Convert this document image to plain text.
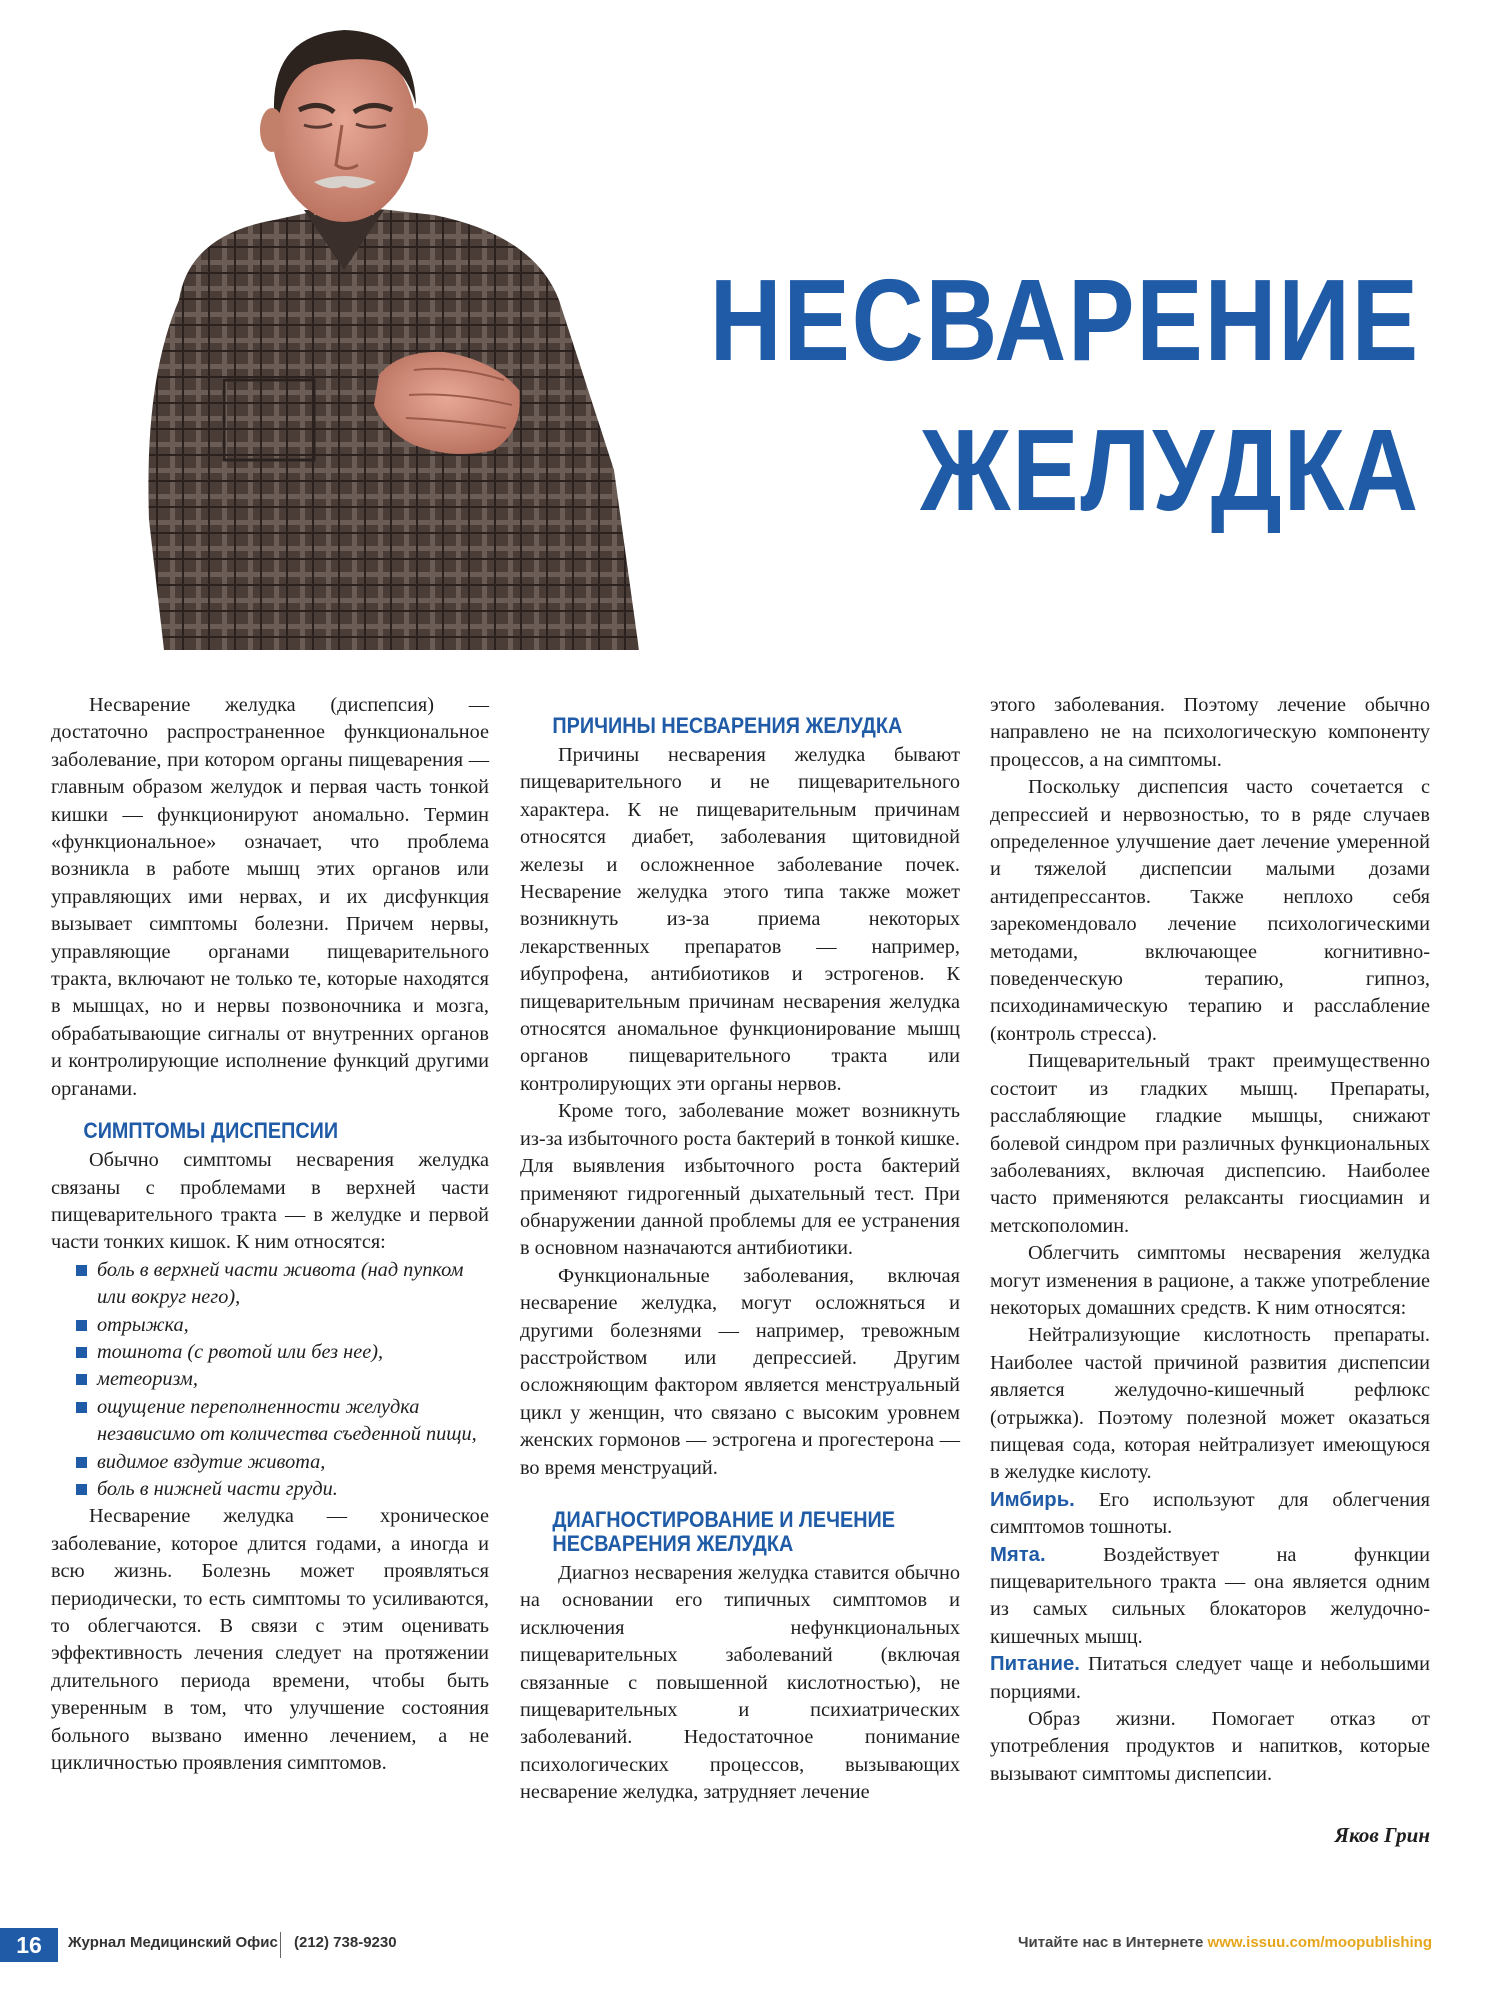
НЕСВАРЕНИЕ
ЖЕЛУДКА

Несварение желудка (диспепсия) — достаточно распространенное функциональное заболевание, при котором органы пищеварения — главным образом желудок и первая часть тонкой кишки — функционируют аномально. Термин «функциональное» означает, что проблема возникла в работе мышц этих органов или управляющих ими нервах, и их дисфункция вызывает симптомы болезни. Причем нервы, управляющие органами пищеварительного тракта, включают не только те, которые находятся в мышцах, но и нервы позвоночника и мозга, обрабатывающие сигналы от внутренних органов и контролирующие исполнение функций другими органами.

СИМПТОМЫ ДИСПЕПСИИ

Обычно симптомы несварения желудка связаны с проблемами в верхней части пищеварительного тракта — в желудке и первой части тонких кишок. К ним относятся:

боль в верхней части живота (над пупком или вокруг него),
отрыжка,
тошнота (с рвотой или без нее),
метеоризм,
ощущение переполненности желудка независимо от количества съеденной пищи,
видимое вздутие живота,
боль в нижней части груди.

Несварение желудка — хроническое заболевание, которое длится годами, а иногда и всю жизнь. Болезнь может проявляться периодически, то есть симптомы то усиливаются, то облегчаются. В связи с этим оценивать эффективность лечения следует на протяжении длительного периода времени, чтобы быть уверенным в том, что улучшение состояния больного вызвано именно лечением, а не цикличностью проявления симптомов.

ПРИЧИНЫ НЕСВАРЕНИЯ ЖЕЛУДКА

Причины несварения желудка бывают пищеварительного и не пищеварительного характера. К не пищеварительным причинам относятся диабет, заболевания щитовидной железы и осложненное заболевание почек. Несварение желудка этого типа также может возникнуть из-за приема некоторых лекарственных препаратов — например, ибупрофена, антибиотиков и эстрогенов. К пищеварительным причинам несварения желудка относятся аномальное функционирование мышц органов пищеварительного тракта или контролирующих эти органы нервов.

Кроме того, заболевание может возникнуть из-за избыточного роста бактерий в тонкой кишке. Для выявления избыточного роста бактерий применяют гидрогенный дыхательный тест. При обнаружении данной проблемы для ее устранения в основном назначаются антибиотики.

Функциональные заболевания, включая несварение желудка, могут осложняться и другими болезнями — например, тревожным расстройством или депрессией. Другим осложняющим фактором является менструальный цикл у женщин, что связано с высоким уровнем женских гормонов — эстрогена и прогестерона — во время менструаций.

ДИАГНОСТИРОВАНИЕ И ЛЕЧЕНИЕ
НЕСВАРЕНИЯ ЖЕЛУДКА

Диагноз несварения желудка ставится обычно на основании его типичных симптомов и исключения нефункциональных пищеварительных заболеваний (включая связанные с повышенной кислотностью), не пищеварительных и психиатрических заболеваний. Недостаточное понимание психологических процессов, вызывающих несварение желудка, затрудняет лечение

этого заболевания. Поэтому лечение обычно направлено не на психологическую компоненту процессов, а на симптомы.

Поскольку диспепсия часто сочетается с депрессией и нервозностью, то в ряде случаев определенное улучшение дает лечение умеренной и тяжелой диспепсии малыми дозами антидепрессантов. Также неплохо себя зарекомендовало лечение психологическими методами, включающее когнитивно-поведенческую терапию, гипноз, психодинамическую терапию и расслабление (контроль стресса).

Пищеварительный тракт преимущественно состоит из гладких мышц. Препараты, расслабляющие гладкие мышцы, снижают болевой синдром при различных функциональных заболеваниях, включая диспепсию. Наиболее часто применяются релаксанты гиосциамин и метскополомин.

Облегчить симптомы несварения желудка могут изменения в рационе, а также употребление некоторых домашних средств. К ним относятся:

Нейтрализующие кислотность препараты. Наиболее частой причиной развития диспепсии является желудочно-кишечный рефлюкс (отрыжка). Поэтому полезной может оказаться пищевая сода, которая нейтрализует имеющуюся в желудке кислоту.

Имбирь. Его используют для облегчения симптомов тошноты.

Мята. Воздействует на функции пищеварительного тракта — она является одним из самых сильных блокаторов желудочно-кишечных мышц.

Питание. Питаться следует чаще и небольшими порциями.

Образ жизни. Помогает отказ от употребления продуктов и напитков, которые вызывают симптомы диспепсии.

Яков Грин
16	Журнал Медицинский Офис (212) 738-9230	Читайте нас в Интернете www.issuu.com/moopublishing
